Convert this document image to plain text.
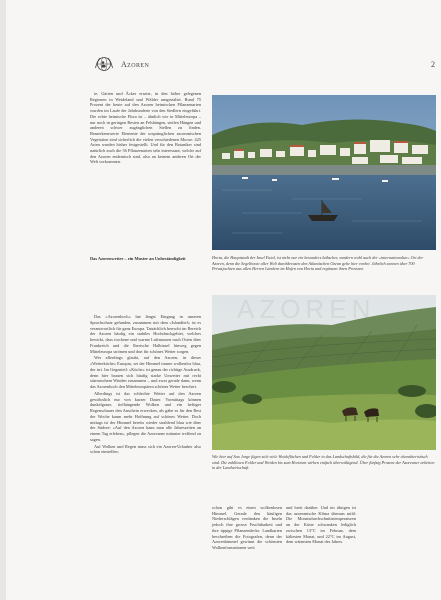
Azoren	2

te, Gärten und Äcker ersetzt, in den höher gelegenen Regionen in Weideland und Wälder umgestaltet. Rund 75 Prozent der heute auf den Azoren heimischen Pflanzenarten wurden im Laufe der Jahrhunderte von den Siedlern eingeführt. Die echte heimische Flora ist – ähnlich wie in Mitteleuropa – nur noch in geringen Resten an Felshängen, steilen Hängen und anderen schwer zugänglichen Stellen zu finden. Bemerkenswerte Elemente der ursprünglichen azoreanischen Vegetation sind sicherlich die vielen verschiedenen Moose: 425 Arten wurden bisher festgestellt. Und für den Botaniker sind natürlich auch die 56 Pflanzenarten sehr interessant, welche auf den Azoren endemisch sind, also an keinem anderen Ort der Welt vorkommen.

Das Azorenwetter – ein Muster an Unbeständigkeit

Das »Azorenhoch« hat längst Eingang in unseren Sprachschatz gefunden, zusammen mit dem »Islandtief« ist es verantwortlich für ganz Europa. Tatsächlich herrscht im Bereich der Azoren häufig ein stabiles Hochdruckgebiet, welches bewirkt, dass trockene und warme Luftmassen nach Osten über Frankreich und die Iberische Halbinsel hinweg gegen Mitteleuropa strömen und dort für schönes Wetter sorgen.

Wer allerdings glaubt, auf den Azoren, in dieser »Wetterküche« Europas, sei der Himmel immer wolkenlos blau, der irrt. Im Gegenteil: »Küche« ist genau der richtige Ausdruck, denn hier brauen sich häufig starke Unwetter mit recht stürmischem Winden zusammen – und zwar gerade dann, wenn das Azorenhoch den Mitteleuropäern schönes Wetter beschert.

Allerdings ist das schlechte Wetter auf den Azoren gewöhnlich nur von kurzer Dauer. Vormittags können dunkelgraue, tiefhängende Wolken und ein heftiger Regenschauer den Anschein erwecken, als gäbe es für den Rest der Woche kaum mehr Hoffnung auf schönes Wetter. Doch mittags ist der Himmel bereits wieder strahlend blau wie über der Südsee: »Auf den Azoren kann man alle Jahreszeiten an einem Tag erleben«, pflegen die Azoreaner mitunter treffend zu sagen.

Auf Wolken und Regen muss sich ein Azoren-Urlauber also schon einstellen;

Horta, die Hauptstadt der Insel Faial, ist nicht nur ein besonders hübscher, sondern wohl auch der »internationalste« Ort der Azoren, denn die Segelboote aller Welt durchkreuzen den Atlantischen Ozean gehe hier vorbei. Jährlich sonnen über 700 Privatjachten aus allen Herren Ländern im Hafen von Horta und ergänzen ihren Proviant.
AZOREN
Wie hier auf Sao Jorge fügen sich viele Weideflächen und Felder in das Landschaftsbild, die für die Azoren sehr charakteristisch sind. Die zahllosen Felder und Weiden bis zum Horizont wirken einfach überwältigend. Über fünfzig Prozent der Azoreaner arbeiten in der Landwirtschaft.
schon gibt es einen wolkenlosen Himmel. Gerade den häufigen Niederschlägen verdanken die Inseln jedoch ihre grosse Fruchtbarkeit und ihre üppige Pflanzendecke. Landkarten beschreiben die Fotografen, denn der Azorenhimmel gewinnt die schönsten Wolkenformationen weit
und breit darüber. Und im übrigen ist das azoreanische Klima überaus mild: Die Monatsdurchschnittstemperaturen an der Küste schwanken lediglich zwischen 13°C im Februar, dem kältesten Monat, und 22°C im August, dem wärmsten Monat des Jahres.
